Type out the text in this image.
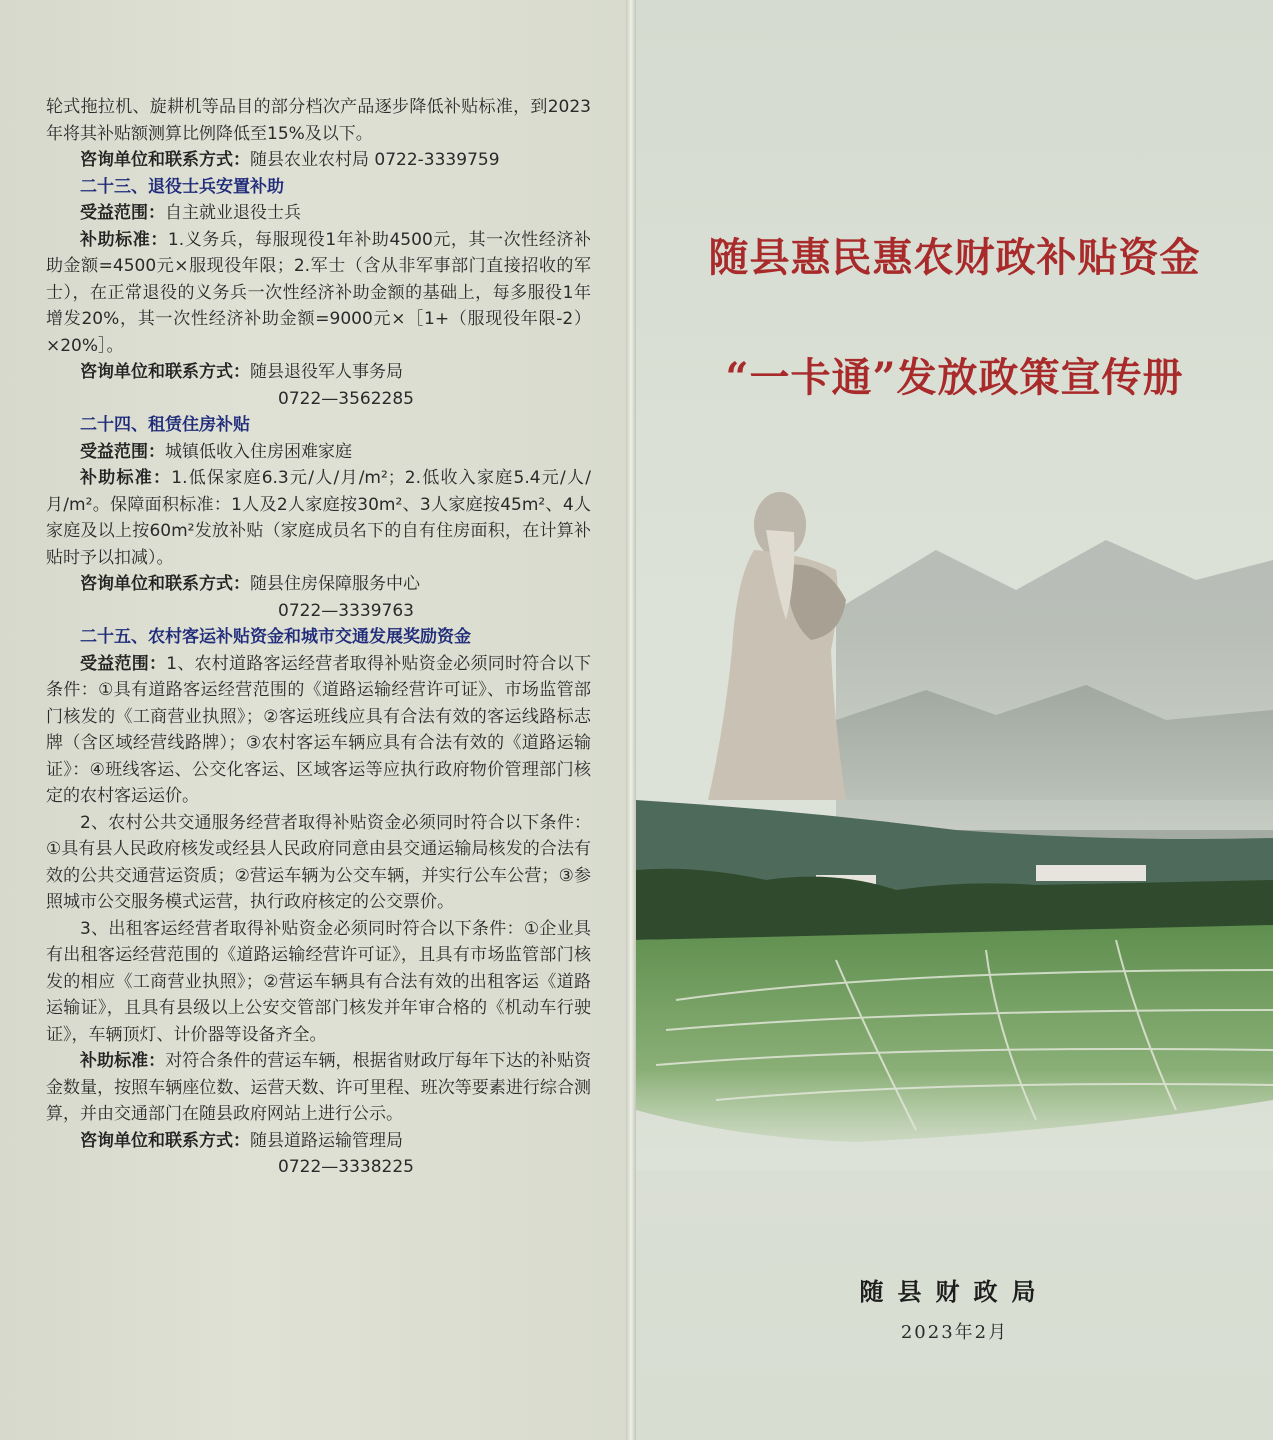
轮式拖拉机、旋耕机等品目的部分档次产品逐步降低补贴标准，到2023年将其补贴额测算比例降低至15%及以下。

咨询单位和联系方式：随县农业农村局 0722-3339759

二十三、退役士兵安置补助

受益范围：自主就业退役士兵

补助标准：1.义务兵，每服现役1年补助4500元，其一次性经济补助金额=4500元×服现役年限；2.军士（含从非军事部门直接招收的军士），在正常退役的义务兵一次性经济补助金额的基础上，每多服役1年增发20%，其一次性经济补助金额=9000元×［1+（服现役年限-2）×20%］。

咨询单位和联系方式：随县退役军人事务局

0722—3562285

二十四、租赁住房补贴

受益范围：城镇低收入住房困难家庭

补助标准：1.低保家庭6.3元/人/月/m²；2.低收入家庭5.4元/人/月/m²。保障面积标准：1人及2人家庭按30m²、3人家庭按45m²、4人家庭及以上按60m²发放补贴（家庭成员名下的自有住房面积，在计算补贴时予以扣减）。

咨询单位和联系方式：随县住房保障服务中心

0722—3339763

二十五、农村客运补贴资金和城市交通发展奖励资金

受益范围：1、农村道路客运经营者取得补贴资金必须同时符合以下条件：①具有道路客运经营范围的《道路运输经营许可证》、市场监管部门核发的《工商营业执照》；②客运班线应具有合法有效的客运线路标志牌（含区域经营线路牌）；③农村客运车辆应具有合法有效的《道路运输证》：④班线客运、公交化客运、区域客运等应执行政府物价管理部门核定的农村客运运价。

2、农村公共交通服务经营者取得补贴资金必须同时符合以下条件：①具有县人民政府核发或经县人民政府同意由县交通运输局核发的合法有效的公共交通营运资质；②营运车辆为公交车辆，并实行公车公营；③参照城市公交服务模式运营，执行政府核定的公交票价。

3、出租客运经营者取得补贴资金必须同时符合以下条件：①企业具有出租客运经营范围的《道路运输经营许可证》，且具有市场监管部门核发的相应《工商营业执照》；②营运车辆具有合法有效的出租客运《道路运输证》，且具有县级以上公安交管部门核发并年审合格的《机动车行驶证》，车辆顶灯、计价器等设备齐全。

补助标准：对符合条件的营运车辆，根据省财政厅每年下达的补贴资金数量，按照车辆座位数、运营天数、许可里程、班次等要素进行综合测算，并由交通部门在随县政府网站上进行公示。

咨询单位和联系方式：随县道路运输管理局

0722—3338225

随县惠民惠农财政补贴资金
“一卡通”发放政策宣传册
随县财政局
2023年2月
